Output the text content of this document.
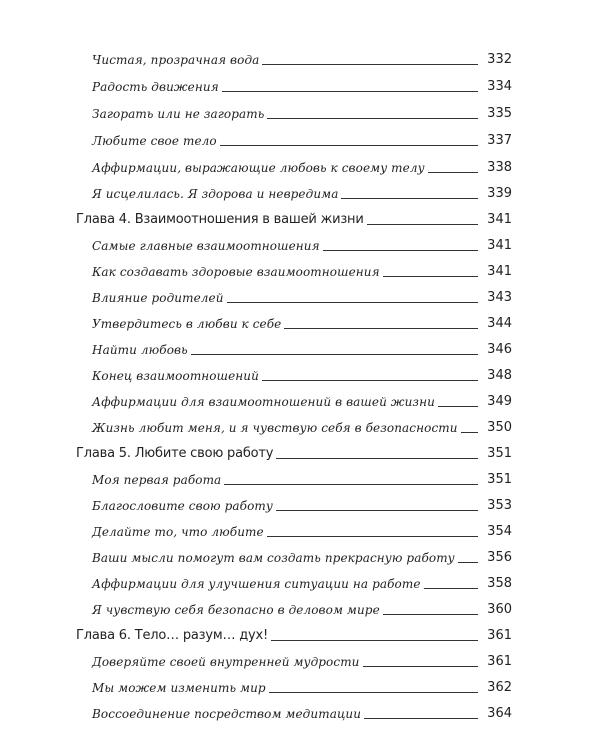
Чистая, прозрачная вода	332
Радость движения	334
Загорать или не загорать	335
Любите свое тело	337
Аффирмации, выражающие любовь к своему телу	338
Я исцелилась. Я здорова и невредима	339
Глава 4. Взаимоотношения в вашей жизни	341
Самые главные взаимоотношения	341
Как создавать здоровые взаимоотношения	341
Влияние родителей	343
Утвердитесь в любви к себе	344
Найти любовь	346
Конец взаимоотношений	348
Аффирмации для взаимоотношений в вашей жизни	349
Жизнь любит меня, и я чувствую себя в безопасности	350
Глава 5. Любите свою работу	351
Моя первая работа	351
Благословите свою работу	353
Делайте то, что любите	354
Ваши мысли помогут вам создать прекрасную работу	356
Аффирмации для улучшения ситуации на работе	358
Я чувствую себя безопасно в деловом мире	360
Глава 6. Тело… разум… дух!	361
Доверяйте своей внутренней мудрости	361
Мы можем изменить мир	362
Воссоединение посредством медитации	364
